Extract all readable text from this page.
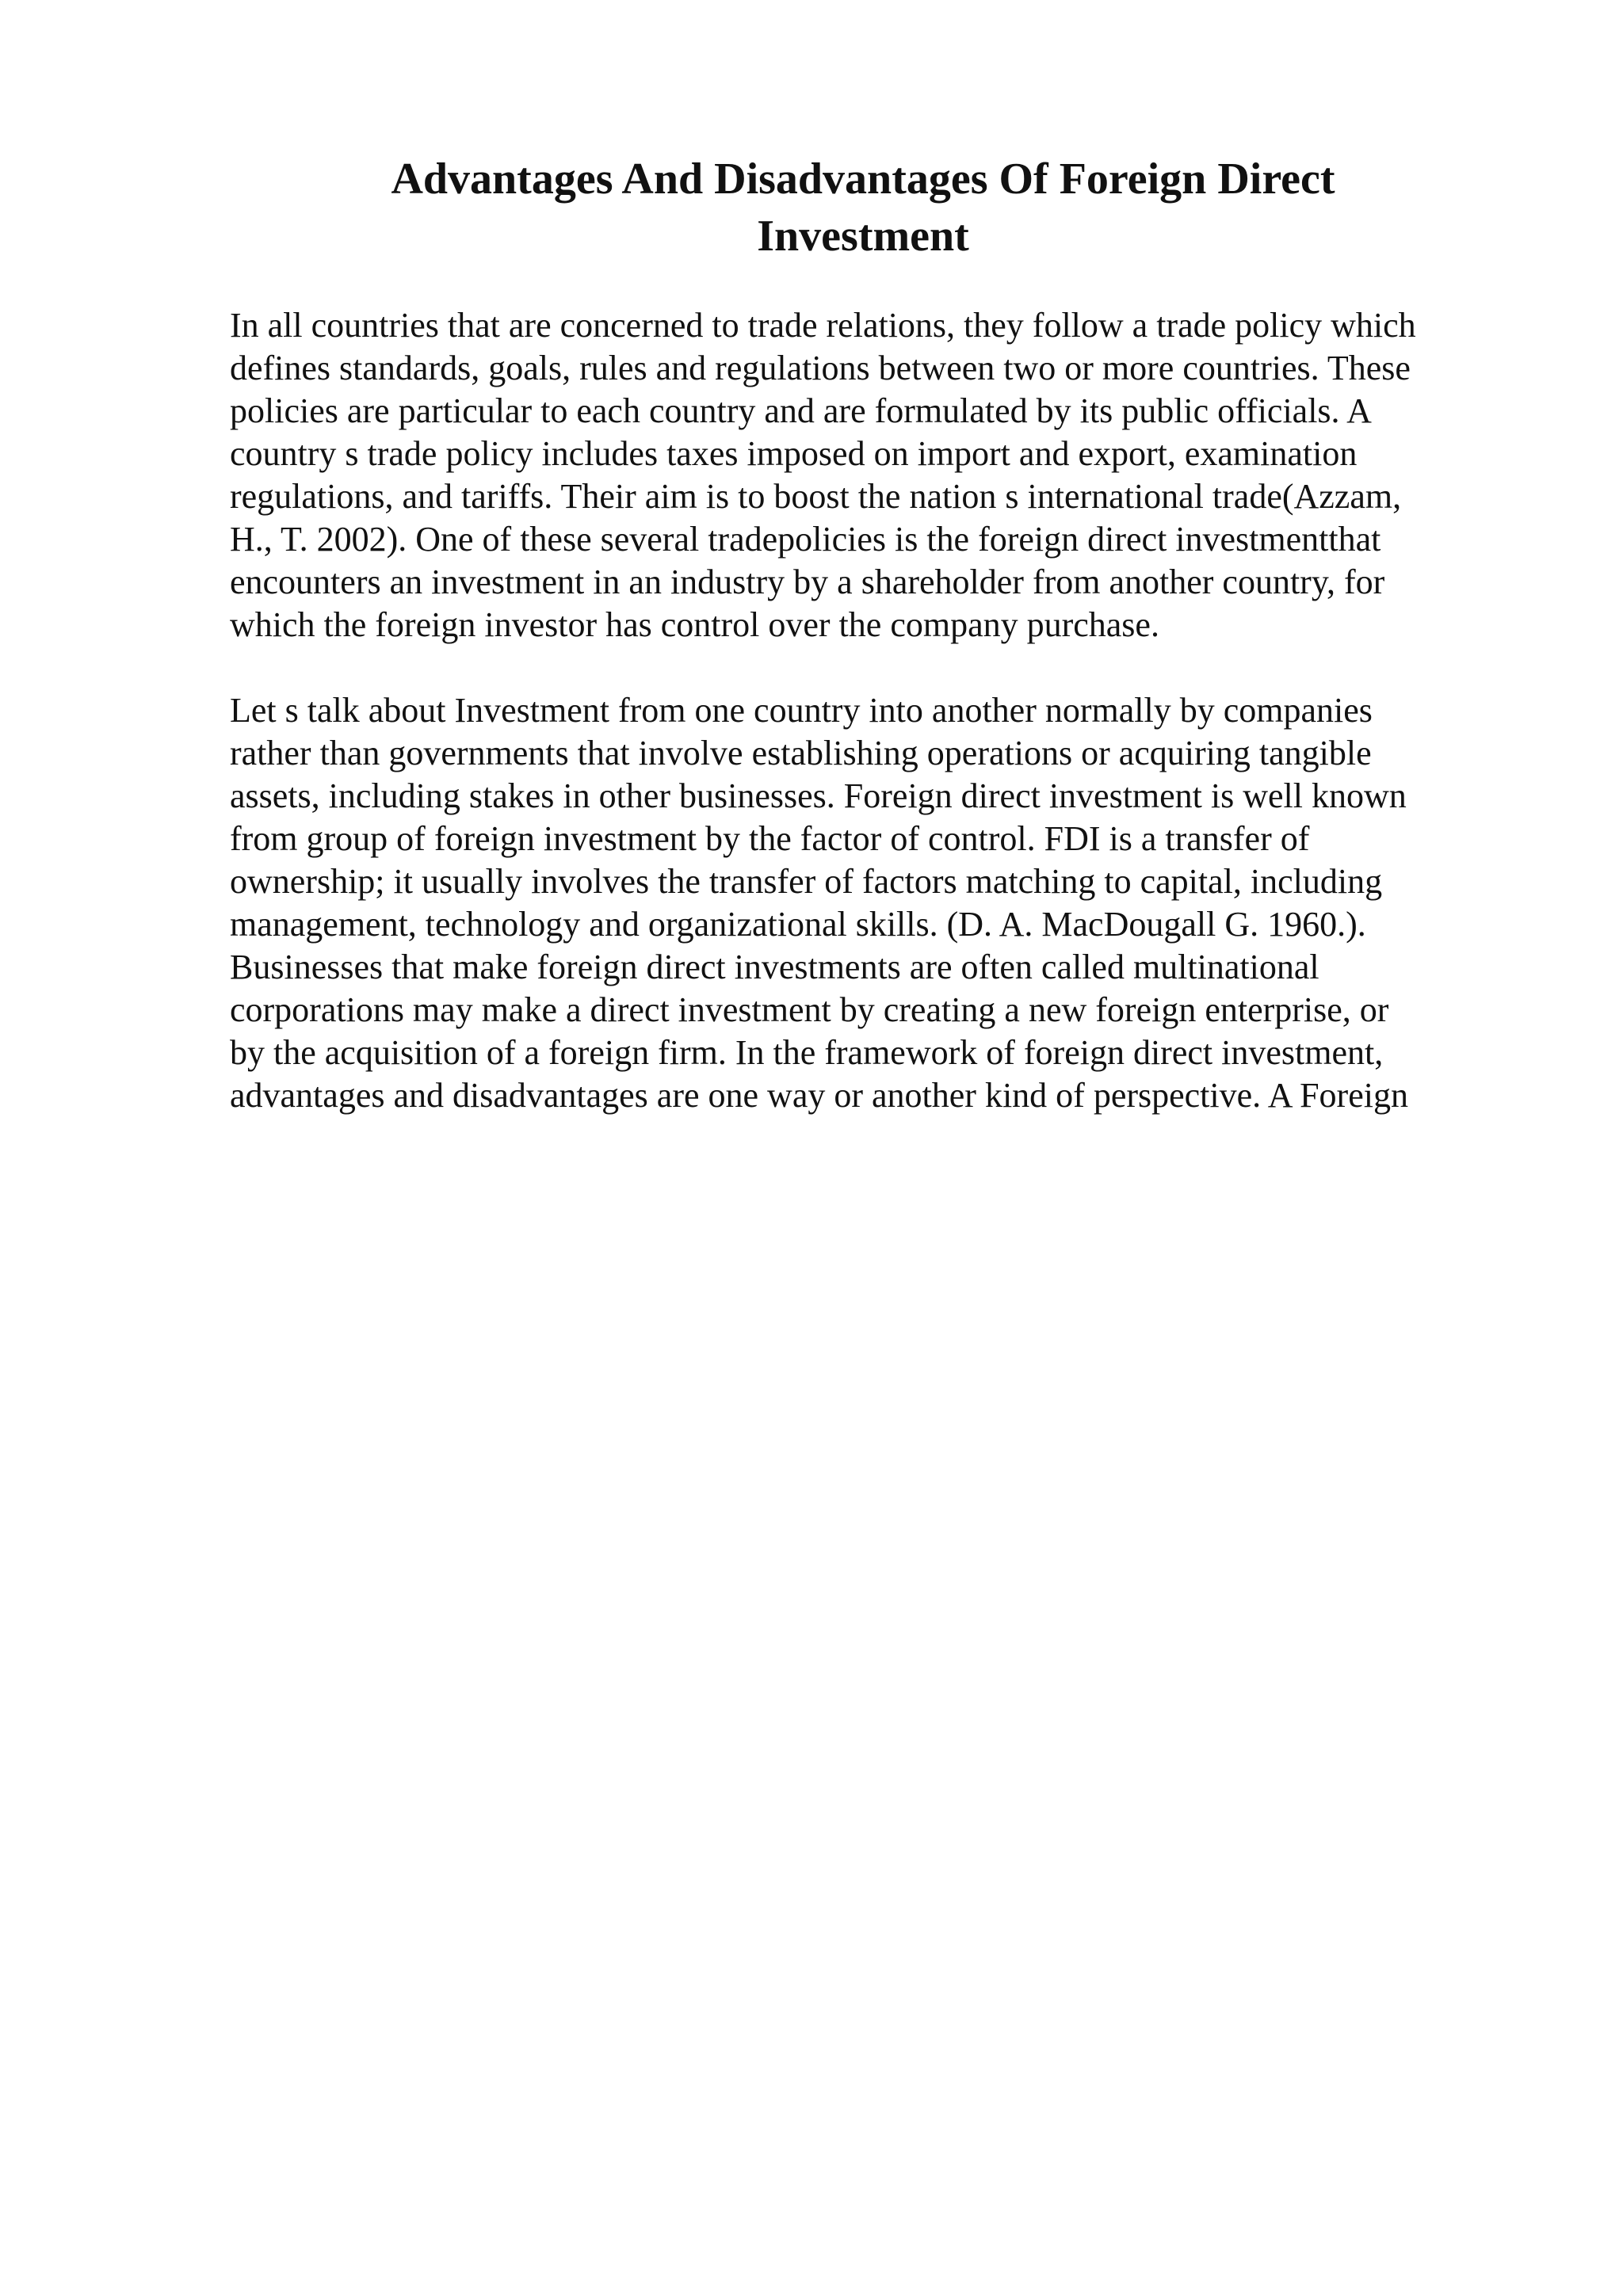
Advantages And Disadvantages Of Foreign Direct
Investment
In all countries that are concerned to trade relations, they follow a trade policy which
defines standards, goals, rules and regulations between two or more countries. These
policies are particular to each country and are formulated by its public officials. A
country s trade policy includes taxes imposed on import and export, examination
regulations, and tariffs. Their aim is to boost the nation s international trade(Azzam,
H., T. 2002). One of these several tradepolicies is the foreign direct investmentthat
encounters an investment in an industry by a shareholder from another country, for
which the foreign investor has control over the company purchase.
Let s talk about Investment from one country into another normally by companies
rather than governments that involve establishing operations or acquiring tangible
assets, including stakes in other businesses. Foreign direct investment is well known
from group of foreign investment by the factor of control. FDI is a transfer of
ownership; it usually involves the transfer of factors matching to capital, including
management, technology and organizational skills. (D. A. MacDougall G. 1960.).
Businesses that make foreign direct investments are often called multinational
corporations may make a direct investment by creating a new foreign enterprise, or
by the acquisition of a foreign firm. In the framework of foreign direct investment,
advantages and disadvantages are one way or another kind of perspective. A Foreign
